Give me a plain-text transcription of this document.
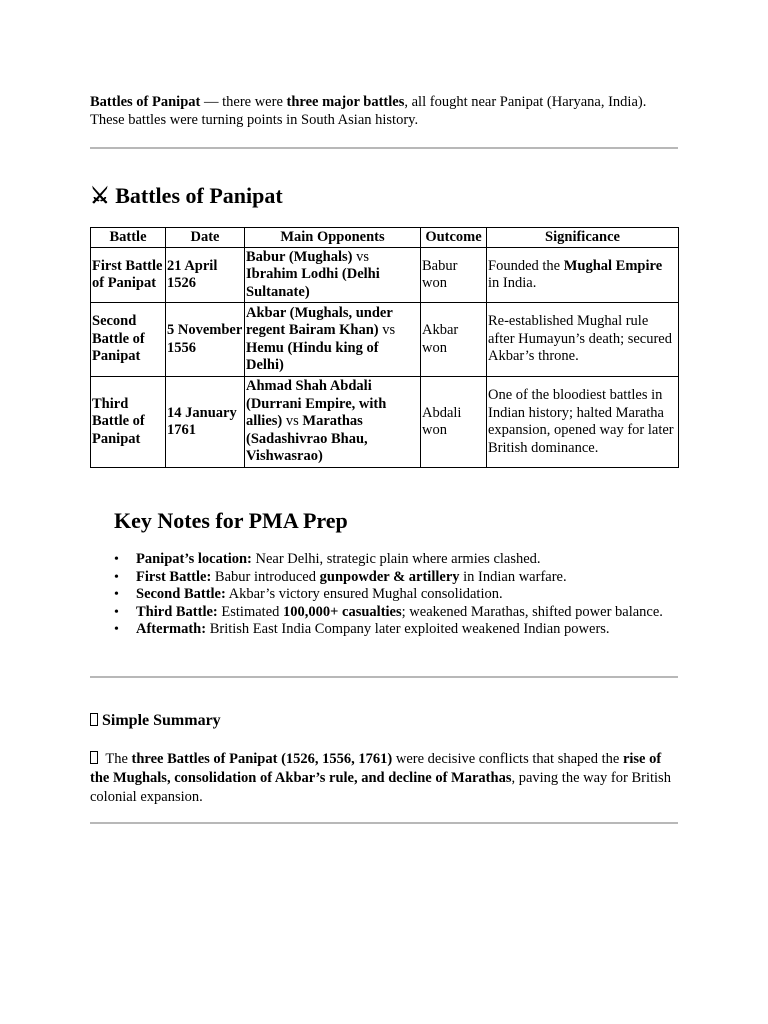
Battles of Panipat — there were three major battles, all fought near Panipat (Haryana, India). These battles were turning points in South Asian history.

⚔ Battles of Panipat
Battle	Date	Main Opponents	Outcome	Significance
First Battle of Panipat	21 April 1526	Babur (Mughals) vs Ibrahim Lodhi (Delhi Sultanate)	Babur won	Founded the Mughal Empire in India.
Second Battle of Panipat	5 November 1556	Akbar (Mughals, under regent Bairam Khan) vs Hemu (Hindu king of Delhi)	Akbar won	Re-established Mughal rule after Humayun’s death; secured Akbar’s throne.
Third Battle of Panipat	14 January 1761	Ahmad Shah Abdali (Durrani Empire, with allies) vs Marathas (Sadashivrao Bhau, Vishwasrao)	Abdali won	One of the bloodiest battles in Indian history; halted Maratha expansion, opened way for later British dominance.
Key Notes for PMA Prep
• Panipat’s location: Near Delhi, strategic plain where armies clashed.
• First Battle: Babur introduced gunpowder & artillery in Indian warfare.
• Second Battle: Akbar’s victory ensured Mughal consolidation.
• Third Battle: Estimated 100,000+ casualties; weakened Marathas, shifted power balance.
• Aftermath: British East India Company later exploited weakened Indian powers.
Simple Summary

The three Battles of Panipat (1526, 1556, 1761) were decisive conflicts that shaped the rise of the Mughals, consolidation of Akbar’s rule, and decline of Marathas, paving the way for British colonial expansion.
